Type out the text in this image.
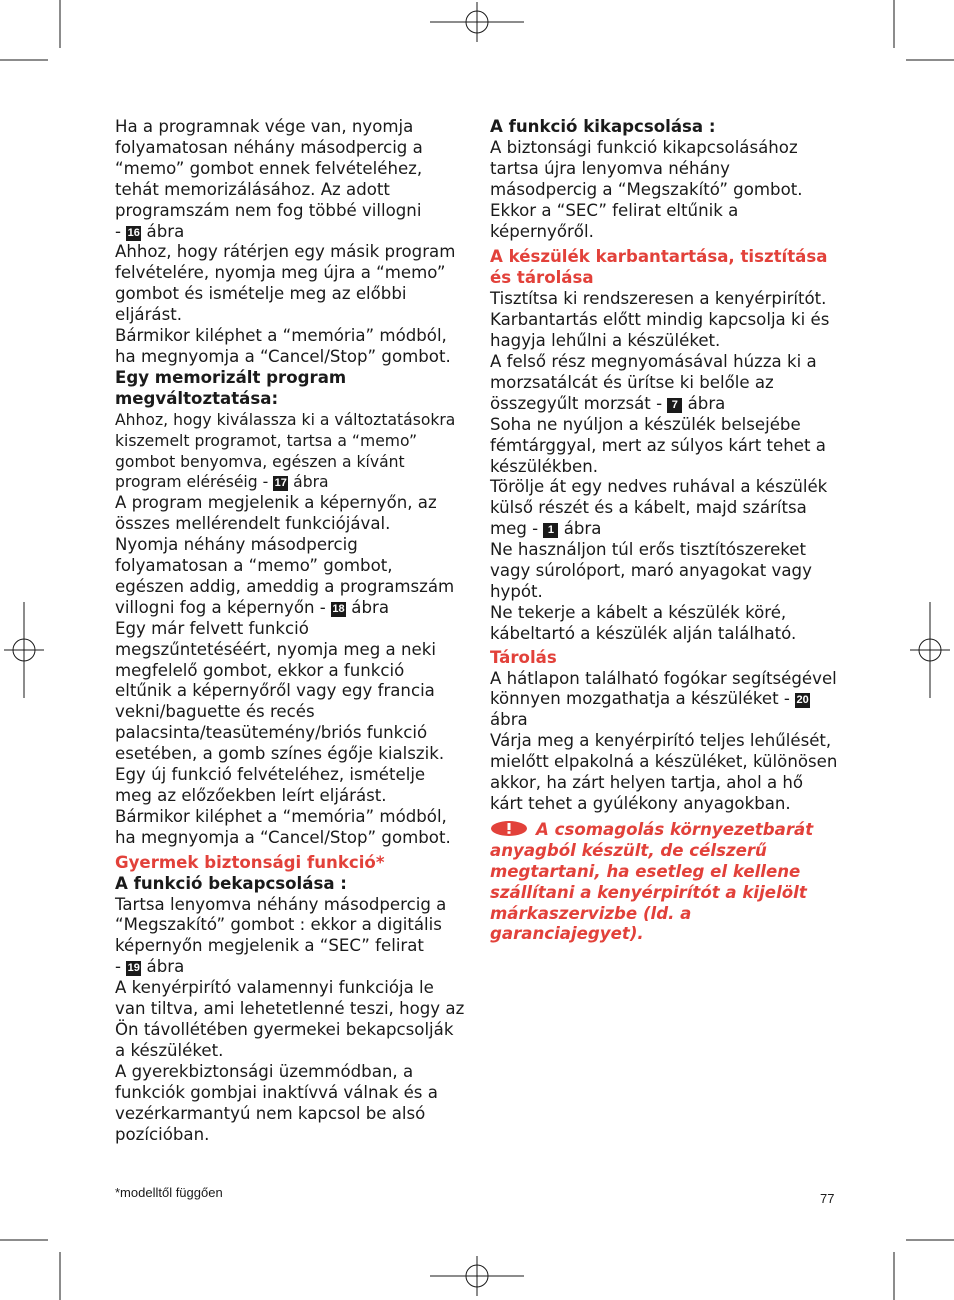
Ha a programnak vége van, nyomja folyamatosan néhány másodpercig a “memo” gombot ennek felvételéhez, tehát memorizálásához. Az adott programszám nem fog többé villogni
- 16 ábra

Ahhoz, hogy rátérjen egy másik program felvételére, nyomja meg újra a “memo” gombot és ismételje meg az előbbi eljárást.

Bármikor kiléphet a “memória” módból, ha megnyomja a “Cancel/Stop” gombot.

Egy memorizált program megváltoztatása:

Ahhoz, hogy kiválassza ki a változtatásokra kiszemelt programot, tartsa a “memo” gombot benyomva, egészen a kívánt program eléréséig - 17 ábra

A program megjelenik a képernyőn, az összes mellérendelt funkciójával.

Nyomja néhány másodpercig folyamatosan a “memo” gombot, egészen addig, ameddig a programszám villogni fog a képernyőn - 18 ábra

Egy már felvett funkció megszűntetéséért, nyomja meg a neki megfelelő gombot, ekkor a funkció eltűnik a képernyőről vagy egy francia vekni/baguette és recés palacsinta/teasütemény/briós funkció esetében, a gomb színes égője kialszik.

Egy új funkció felvételéhez, ismételje meg az előzőekben leírt eljárást.

Bármikor kiléphet a “memória” módból, ha megnyomja a “Cancel/Stop” gombot.

Gyermek biztonsági funkció*

A funkció bekapcsolása :

Tartsa lenyomva néhány másodpercig a “Megszakító” gombot : ekkor a digitális képernyőn megjelenik a “SEC” felirat
- 19 ábra

A kenyérpirító valamennyi funkciója le van tiltva, ami lehetetlenné teszi, hogy az Ön távollétében gyermekei bekapcsolják a készüléket.

A gyerekbiztonsági üzemmódban, a funkciók gombjai inaktívvá válnak és a vezérkarmantyú nem kapcsol be alsó pozícióban.

A funkció kikapcsolása :

A biztonsági funkció kikapcsolásához tartsa újra lenyomva néhány másodpercig a “Megszakító” gombot.

Ekkor a “SEC” felirat eltűnik a képernyőről.

A készülék karbantartása, tisztítása és tárolása

Tisztítsa ki rendszeresen a kenyérpirítót. Karbantartás előtt mindig kapcsolja ki és hagyja lehűlni a készüléket.

A felső rész megnyomásával húzza ki a morzsatálcát és ürítse ki belőle az összegyűlt morzsát - 7 ábra

Soha ne nyúljon a készülék belsejébe fémtárggyal, mert az súlyos kárt tehet a készülékben.

Törölje át egy nedves ruhával a készülék külső részét és a kábelt, majd szárítsa meg - 1 ábra

Ne használjon túl erős tisztítószereket vagy súrolóport, maró anyagokat vagy hypót.

Ne tekerje a kábelt a készülék köré, kábeltartó a készülék alján található.

Tárolás

A hátlapon található fogókar segítségével könnyen mozgathatja a készüléket - 20 ábra

Várja meg a kenyérpirító teljes lehűlését, mielőtt elpakolná a készüléket, különösen akkor, ha zárt helyen tartja, ahol a hő kárt tehet a gyúlékony anyagokban.

A csomagolás környezetbarát anyagból készült, de célszerű megtartani, ha esetleg el kellene szállítani a kenyérpirítót a kijelölt márkaszervizbe (ld. a garanciajegyet).

*modelltől függően	77
